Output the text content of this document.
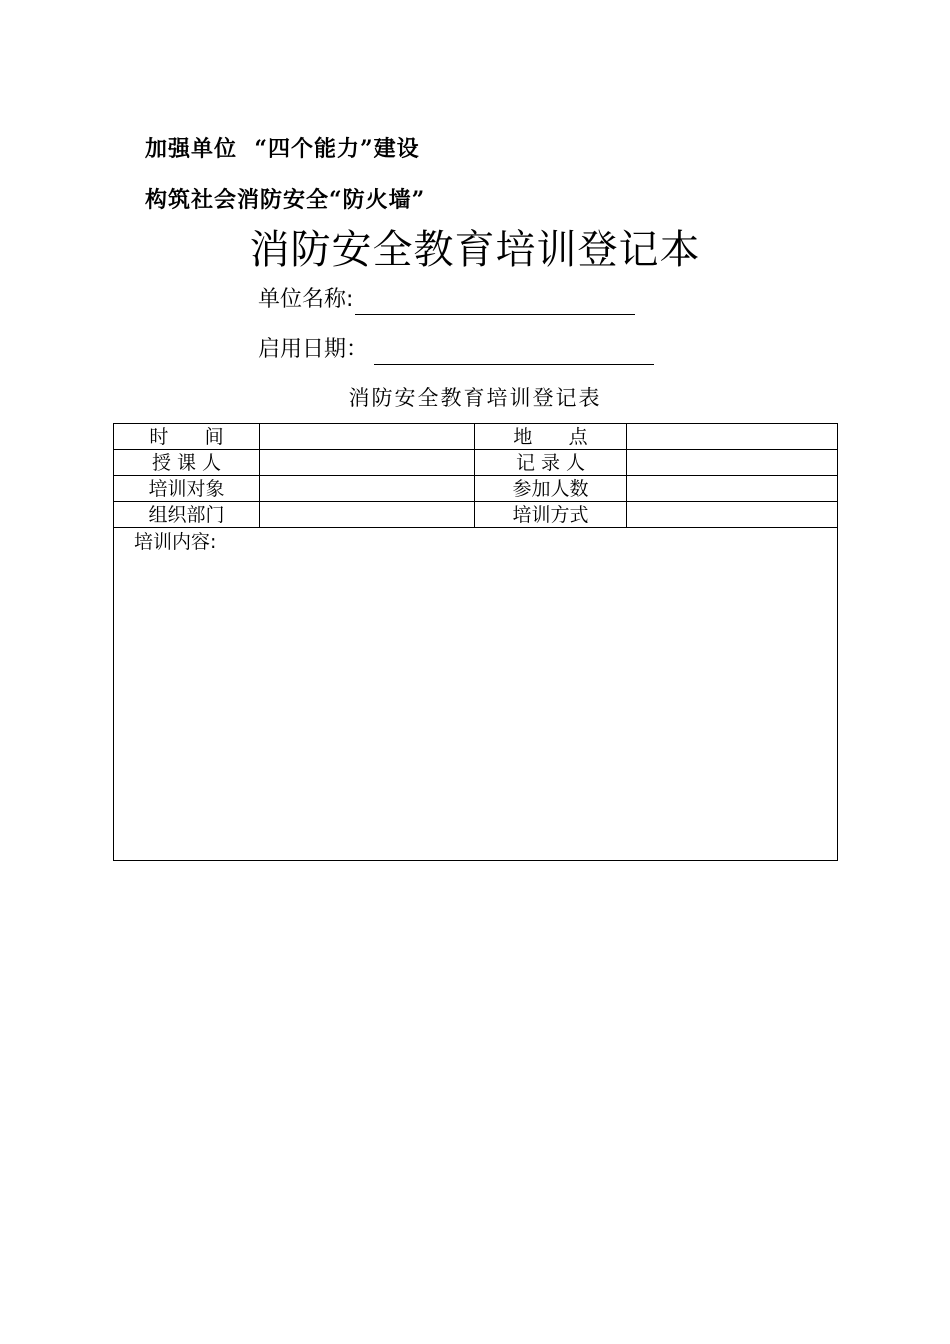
加强单位  “四个能力”建设
构筑社会消防安全“防火墙”
消防安全教育培训登记本
单位名称:
启用日期：
消防安全教育培训登记表
时      间		地      点	
授 课 人		记 录 人	
培训对象		参加人数	
组织部门		培训方式	

培训内容:			
